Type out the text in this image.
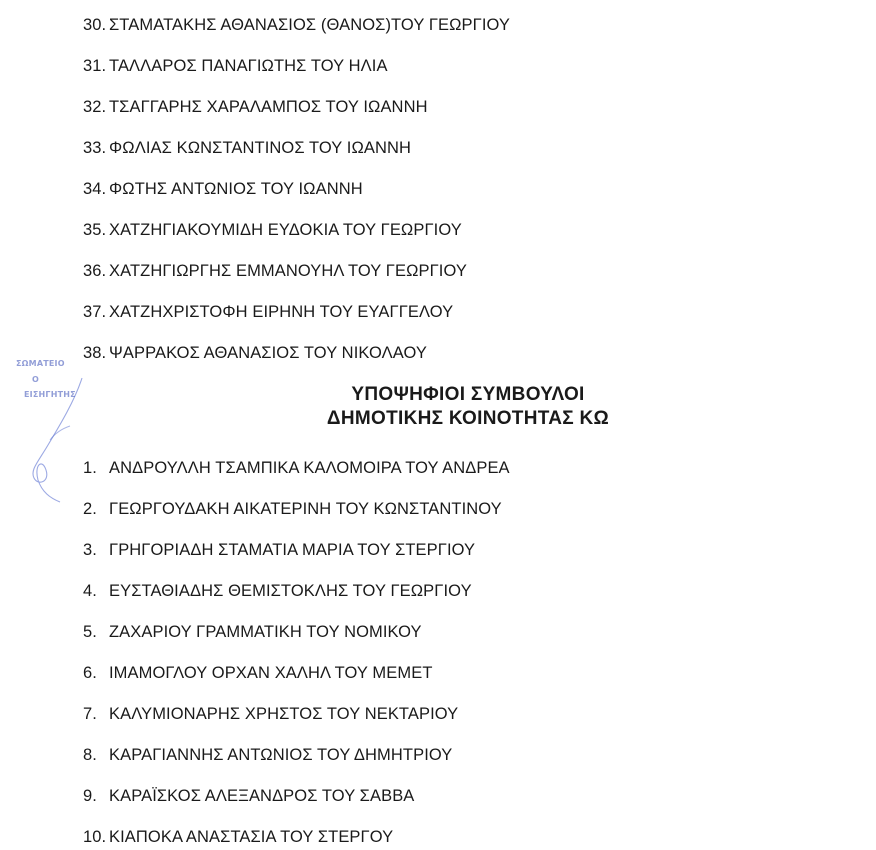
30. ΣΤΑΜΑΤΑΚΗΣ ΑΘΑΝΑΣΙΟΣ (ΘΑΝΟΣ)ΤΟΥ ΓΕΩΡΓΙΟΥ
31. ΤΑΛΛΑΡΟΣ ΠΑΝΑΓΙΩΤΗΣ ΤΟΥ ΗΛΙΑ
32. ΤΣΑΓΓΑΡΗΣ ΧΑΡΑΛΑΜΠΟΣ ΤΟΥ ΙΩΑΝΝΗ
33. ΦΩΛΙΑΣ ΚΩΝΣΤΑΝΤΙΝΟΣ ΤΟΥ ΙΩΑΝΝΗ
34. ΦΩΤΗΣ ΑΝΤΩΝΙΟΣ ΤΟΥ ΙΩΑΝΝΗ
35. ΧΑΤΖΗΓΙΑΚΟΥΜΙΔΗ ΕΥΔΟΚΙΑ ΤΟΥ ΓΕΩΡΓΙΟΥ
36. ΧΑΤΖΗΓΙΩΡΓΗΣ ΕΜΜΑΝΟΥΗΛ ΤΟΥ ΓΕΩΡΓΙΟΥ
37. ΧΑΤΖΗΧΡΙΣΤΟΦΗ ΕΙΡΗΝΗ ΤΟΥ ΕΥΑΓΓΕΛΟΥ
38. ΨΑΡΡΑΚΟΣ ΑΘΑΝΑΣΙΟΣ ΤΟΥ ΝΙΚΟΛΑΟΥ
ΣΩΜΑΤΕΙΟ
Ο
ΕΙΣΗΓΗΤΗΣ	ΥΠΟΨΗΦΙΟΙ ΣΥΜΒΟΥΛΟΙ
ΔΗΜΟΤΙΚΗΣ ΚΟΙΝΟΤΗΤΑΣ ΚΩ
1. ΑΝΔΡΟΥΛΛΗ ΤΣΑΜΠΙΚΑ ΚΑΛΟΜΟΙΡΑ ΤΟΥ ΑΝΔΡΕΑ
2. ΓΕΩΡΓΟΥΔΑΚΗ ΑΙΚΑΤΕΡΙΝΗ ΤΟΥ ΚΩΝΣΤΑΝΤΙΝΟΥ
3. ΓΡΗΓΟΡΙΑΔΗ ΣΤΑΜΑΤΙΑ ΜΑΡΙΑ ΤΟΥ ΣΤΕΡΓΙΟΥ
4. ΕΥΣΤΑΘΙΑΔΗΣ ΘΕΜΙΣΤΟΚΛΗΣ ΤΟΥ ΓΕΩΡΓΙΟΥ
5. ΖΑΧΑΡΙΟΥ ΓΡΑΜΜΑΤΙΚΗ ΤΟΥ ΝΟΜΙΚΟΥ
6. ΙΜΑΜΟΓΛΟΥ ΟΡΧΑΝ ΧΑΛΗΛ ΤΟΥ ΜΕΜΕΤ
7. ΚΑΛΥΜΙΟΝΑΡΗΣ ΧΡΗΣΤΟΣ ΤΟΥ ΝΕΚΤΑΡΙΟΥ
8. ΚΑΡΑΓΙΑΝΝΗΣ ΑΝΤΩΝΙΟΣ ΤΟΥ ΔΗΜΗΤΡΙΟΥ
9. ΚΑΡΑΪΣΚΟΣ ΑΛΕΞΑΝΔΡΟΣ ΤΟΥ ΣΑΒΒΑ
10. ΚΙΑΠΟΚΑ ΑΝΑΣΤΑΣΙΑ ΤΟΥ ΣΤΕΡΓΟΥ
